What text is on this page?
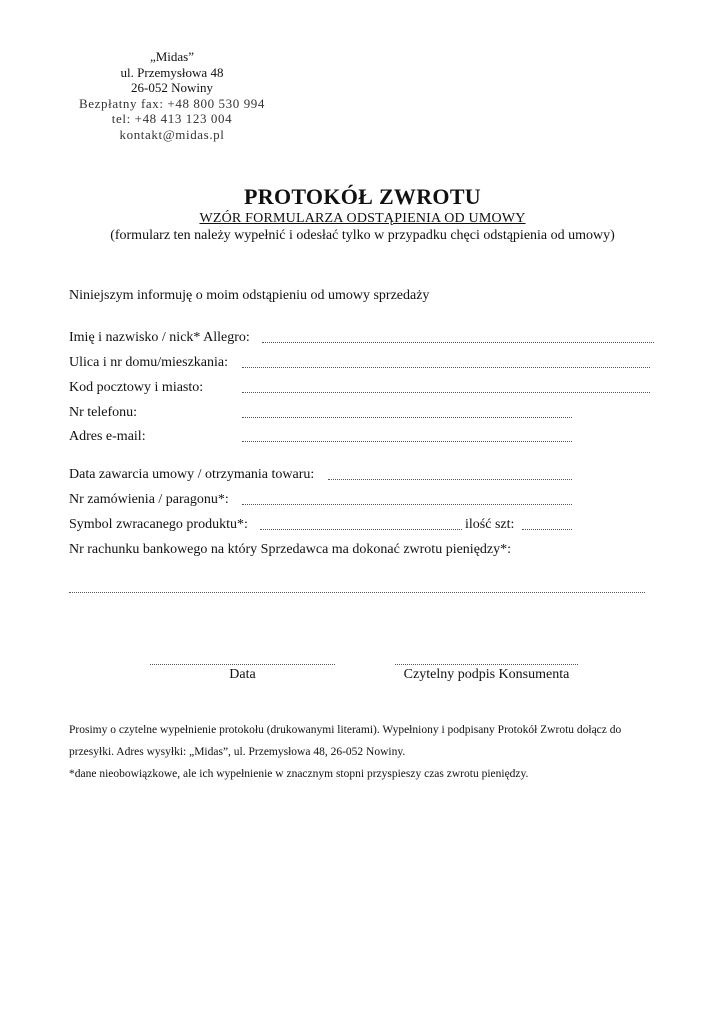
„Midas”
ul. Przemysłowa 48
26-052 Nowiny
Bezpłatny fax: +48 800 530 994
tel: +48 413 123 004
kontakt@midas.pl
PROTOKÓŁ ZWROTU
WZÓR FORMULARZA ODSTĄPIENIA OD UMOWY
(formularz ten należy wypełnić i odesłać tylko w przypadku chęci odstąpienia od umowy)
Niniejszym informuję o moim odstąpieniu od umowy sprzedaży
Imię i nazwisko / nick* Allegro:
Ulica i nr domu/mieszkania:
Kod pocztowy i miasto:
Nr telefonu:
Adres e-mail:
Data zawarcia umowy / otrzymania towaru:
Nr zamówienia / paragonu*:
Symbol zwracanego produktu*:	ilość szt:
Nr rachunku bankowego na który Sprzedawca ma dokonać zwrotu pieniędzy*:
Data	Czytelny podpis Konsumenta
Prosimy o czytelne wypełnienie protokołu (drukowanymi literami). Wypełniony i podpisany Protokół Zwrotu dołącz do
przesyłki. Adres wysyłki: „Midas”, ul. Przemysłowa 48, 26-052 Nowiny.
*dane nieobowiązkowe, ale ich wypełnienie w znacznym stopni przyspieszy czas zwrotu pieniędzy.
